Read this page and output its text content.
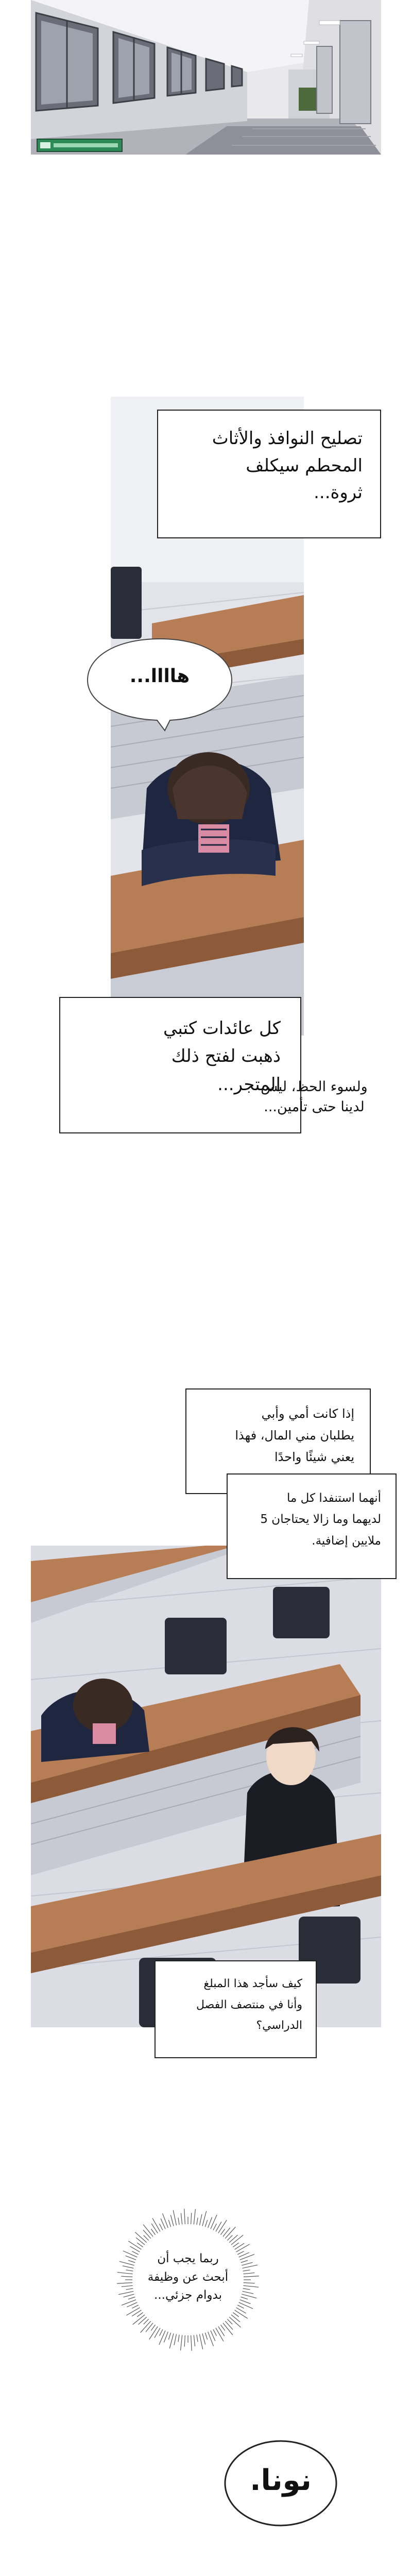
تصليح النوافذ والأثاث
المحطم سيكلف
ثروة...
هاااا...
كل عائدات كتبي
ذهبت لفتح ذلك
المتجر...
ولسوء الحظ، ليس
لدينا حتى تأمين...
إذا كانت أمي وأبي
يطلبان مني المال، فهذا
يعني شيئًا واحدًا
أنهما استنفدا كل ما
لديهما وما زالا يحتاجان 5
ملايين إضافية.
كيف سأجد هذا المبلغ
وأنا في منتصف الفصل
الدراسي؟
ربما يجب أن
أبحث عن وظيفة
بدوام جزئي...
نونا.
